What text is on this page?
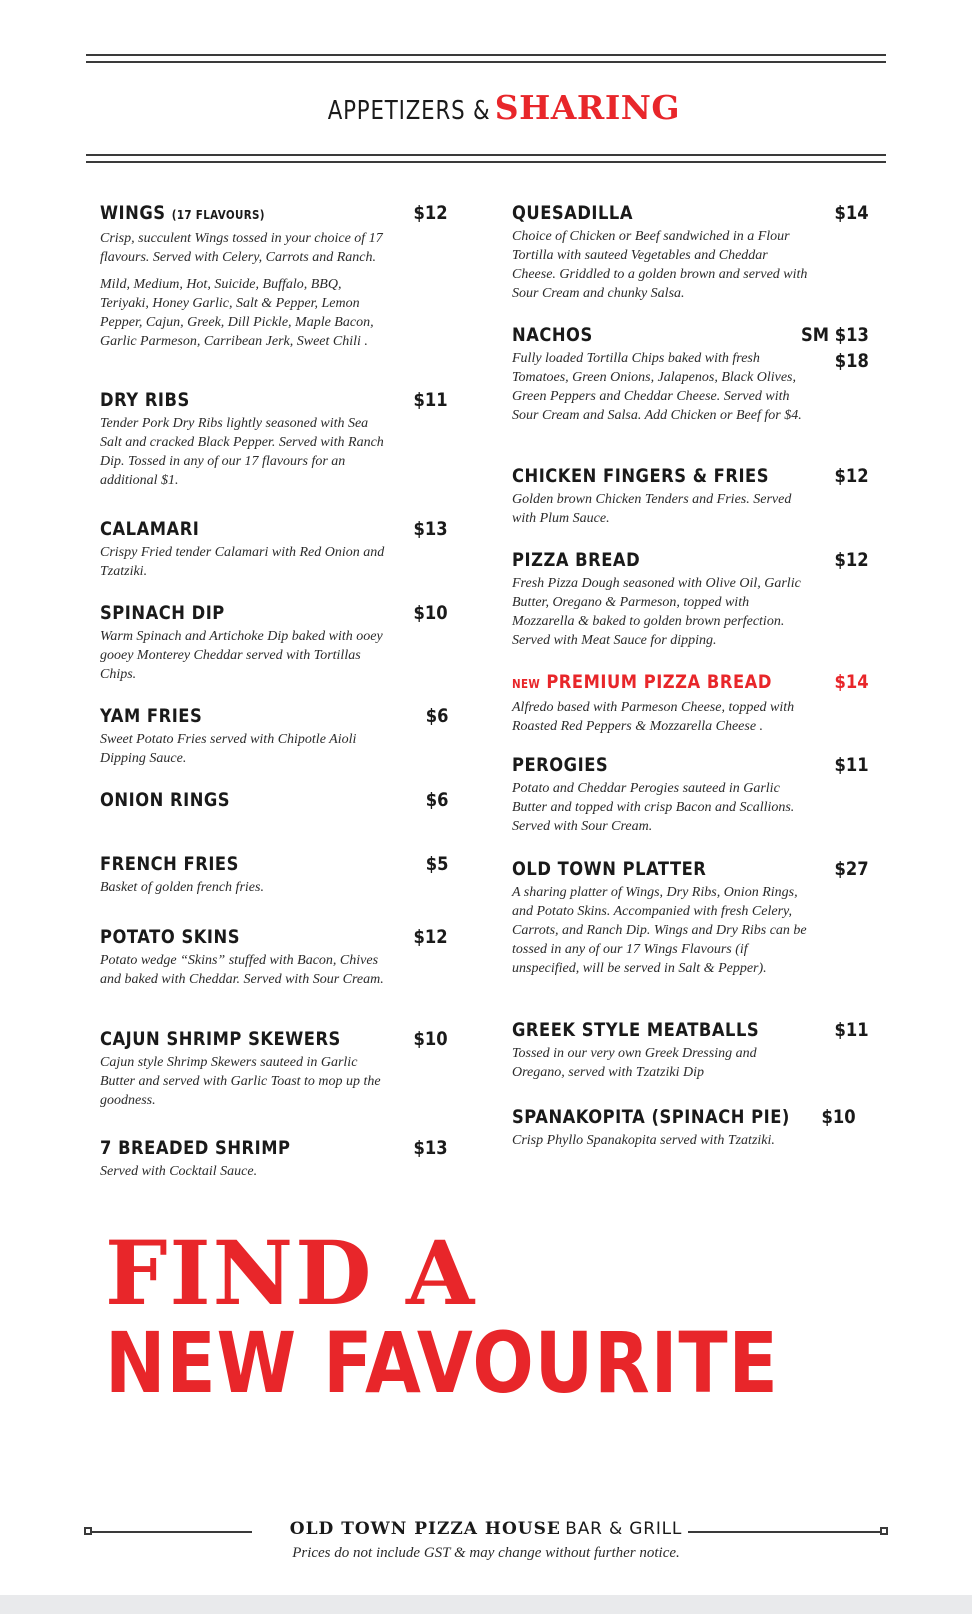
APPETIZERS & SHARING
WINGS (17 FLAVOURS)	$12
Crisp, succulent Wings tossed in your choice of 17 flavours. Served with Celery, Carrots and Ranch.
Mild, Medium, Hot, Suicide, Buffalo, BBQ, Teriyaki, Honey Garlic, Salt & Pepper, Lemon Pepper, Cajun, Greek, Dill Pickle, Maple Bacon, Garlic Parmeson, Carribean Jerk, Sweet Chili .
DRY RIBS	$11
Tender Pork Dry Ribs lightly seasoned with Sea Salt and cracked Black Pepper. Served with Ranch Dip. Tossed in any of our 17 flavours for an additional $1.
CALAMARI	$13
Crispy Fried tender Calamari with Red Onion and Tzatziki.
SPINACH DIP	$10
Warm Spinach and Artichoke Dip baked with ooey gooey Monterey Cheddar served with Tortillas Chips.
YAM FRIES	$6
Sweet Potato Fries served with Chipotle Aioli Dipping Sauce.
ONION RINGS	$6
FRENCH FRIES	$5
Basket of golden french fries.
POTATO SKINS	$12
Potato wedge “Skins” stuffed with Bacon, Chives and baked with Cheddar. Served with Sour Cream.
CAJUN SHRIMP SKEWERS	$10
Cajun style Shrimp Skewers sauteed in Garlic Butter and served with Garlic Toast to mop up the goodness.
7 BREADED SHRIMP	$13
Served with Cocktail Sauce.
QUESADILLA	$14
Choice of Chicken or Beef sandwiched in a Flour Tortilla with sauteed Vegetables and Cheddar Cheese. Griddled to a golden brown and served with Sour Cream and chunky Salsa.
NACHOS	SM $13
$18
Fully loaded Tortilla Chips baked with fresh Tomatoes, Green Onions, Jalapenos, Black Olives, Green Peppers and Cheddar Cheese. Served with Sour Cream and Salsa. Add Chicken or Beef for $4.
CHICKEN FINGERS & FRIES	$12
Golden brown Chicken Tenders and Fries. Served with Plum Sauce.
PIZZA BREAD	$12
Fresh Pizza Dough seasoned with Olive Oil, Garlic Butter, Oregano & Parmeson, topped with Mozzarella & baked to golden brown perfection. Served with Meat Sauce for dipping.
NEW PREMIUM PIZZA BREAD	$14
Alfredo based with Parmeson Cheese, topped with Roasted Red Peppers & Mozzarella Cheese .
PEROGIES	$11
Potato and Cheddar Perogies sauteed in Garlic Butter and topped with crisp Bacon and Scallions. Served with Sour Cream.
OLD TOWN PLATTER	$27
A sharing platter of Wings, Dry Ribs, Onion Rings, and Potato Skins. Accompanied with fresh Celery, Carrots, and Ranch Dip. Wings and Dry Ribs can be tossed in any of our 17 Wings Flavours (if unspecified, will be served in Salt & Pepper).
GREEK STYLE MEATBALLS	$11
Tossed in our very own Greek Dressing and Oregano, served with Tzatziki Dip
SPANAKOPITA (SPINACH PIE)	$10
Crisp Phyllo Spanakopita served with Tzatziki.
FIND A
NEW FAVOURITE
OLD TOWN PIZZA HOUSE BAR & GRILL
Prices do not include GST & may change without further notice.
